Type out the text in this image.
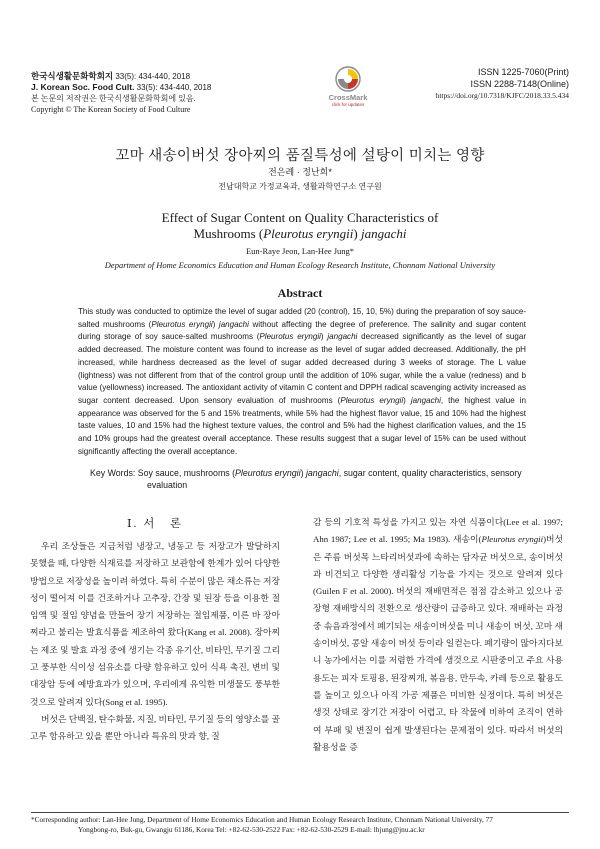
한국식생활문화학회지 33(5): 434-440, 2018
J. Korean Soc. Food Cult. 33(5): 434-440, 2018
본 논문의 저작권은 한국식생활문화학회에 있음.
Copyright © The Korean Society of Food Culture
CrossMark
click for updates
ISSN 1225-7060(Print)
ISSN 2288-7148(Online)
https://doi.org/10.7318/KJFC/2018.33.5.434
꼬마 새송이버섯 장아찌의 품질특성에 설탕이 미치는 영향
전은례 · 정난희*
전남대학교 가정교육과, 생활과학연구소 연구원
Effect of Sugar Content on Quality Characteristics of
Mushrooms (Pleurotus eryngii) jangachi
Eun-Raye Jeon, Lan-Hee Jung*
Department of Home Economics Education and Human Ecology Research Institute, Chonnam National University
Abstract
This study was conducted to optimize the level of sugar added (20 (control), 15, 10, 5%) during the preparation of soy sauce-salted mushrooms (Pleurotus eryngii) jangachi without affecting the degree of preference. The salinity and sugar content during storage of soy sauce-salted mushrooms (Pleurotus eryngii) jangachi decreased significantly as the level of sugar added decreased. The moisture content was found to increase as the level of sugar added decreased. Additionally, the pH increased, while hardness decreased as the level of sugar added decreased during 3 weeks of storage. The L value (lightness) was not different from that of the control group until the addition of 10% sugar, while the a value (redness) and b value (yellowness) increased. The antioxidant activity of vitamin C content and DPPH radical scavenging activity increased as sugar content decreased. Upon sensory evaluation of mushrooms (Pleurotus eryngii) jangachi, the highest value in appearance was observed for the 5 and 15% treatments, while 5% had the highest flavor value, 15 and 10% had the highest taste values, 10 and 15% had the highest texture values, the control and 5% had the highest clarification values, and the 15 and 10% groups had the greatest overall acceptance. These results suggest that a sugar level of 15% can be used without significantly affecting the overall acceptance.
Key Words: Soy sauce, mushrooms (Pleurotus eryngii) jangachi, sugar content, quality characteristics, sensory
evaluation
Ⅰ. 서　론

우리 조상들은 지금처럼 냉장고, 냉동고 등 저장고가 발달하지 못했을 때, 다양한 식재료를 저장하고 보관함에 한계가 있어 다양한 방법으로 저장성을 높이려 하였다. 특히 수분이 많은 채소류는 저장성이 떨어져 이를 건조하거나 고추장, 간장 및 된장 등을 이용한 절임액 및 절임 양념을 만들어 장기 저장하는 절임제품, 이른 바 장아찌라고 불리는 발효식품을 제조하여 왔다(Kang et al. 2008). 장아찌는 제조 및 발효 과정 중에 생기는 각종 유기산, 비타민, 무기질 그리고 풍부한 식이성 섬유소를 다량 함유하고 있어 식욕 촉진, 변비 및 대장암 등에 예방효과가 있으며, 우리에게 유익한 미생물도 풍부한 것으로 알려져 있다(Song et al. 1995).

버섯은 단백질, 탄수화물, 지질, 비타민, 무기질 등의 영양소를 골고루 함유하고 있을 뿐만 아니라 특유의 맛과 향, 질

감 등의 기호적 특성을 가지고 있는 자연 식품이다(Lee et al. 1997; Ahn 1987; Lee et al. 1995; Ma 1983). 새송이(Pleurotus eryngii)버섯은 주름 버섯목 느타리버섯과에 속하는 담자균 버섯으로, 송이버섯과 비견되고 다양한 생리활성 기능을 가지는 것으로 알려져 있다(Guilen F et al. 2000). 버섯의 재배면적은 점점 감소하고 있으나 공장형 재배방식의 전환으로 생산량이 급증하고 있다. 재배하는 과정 중 솎음과정에서 폐기되는 새송이버섯을 미니 새송이 버섯, 꼬마 새송이버섯, 콩알 새송이 버섯 등이라 일컫는다. 폐기량이 많아지다보니 농가에서는 이를 저렴한 가격에 생것으로 시판중이고 주요 사용 용도는 피자 토핑용, 된장찌개, 볶음용, 만두속, 카레 등으로 활용도를 높이고 있으나 아직 가공 제품은 미비한 실정이다. 특히 버섯은 생것 상태로 장기간 저장이 어렵고, 타 작물에 비하여 조직이 연하여 부패 및 변질이 쉽게 발생된다는 문제점이 있다. 따라서 버섯의 활용성을 증

*Corresponding author: Lan-Hee Jung, Department of Home Economics Education and Human Ecology Research Institute, Chonnam National University, 77
Yongbong-ro, Buk-gu, Gwangju 61186, Korea Tel: +82-62-530-2522 Fax: +82-62-530-2529 E-mail: lhjung@jnu.ac.kr
